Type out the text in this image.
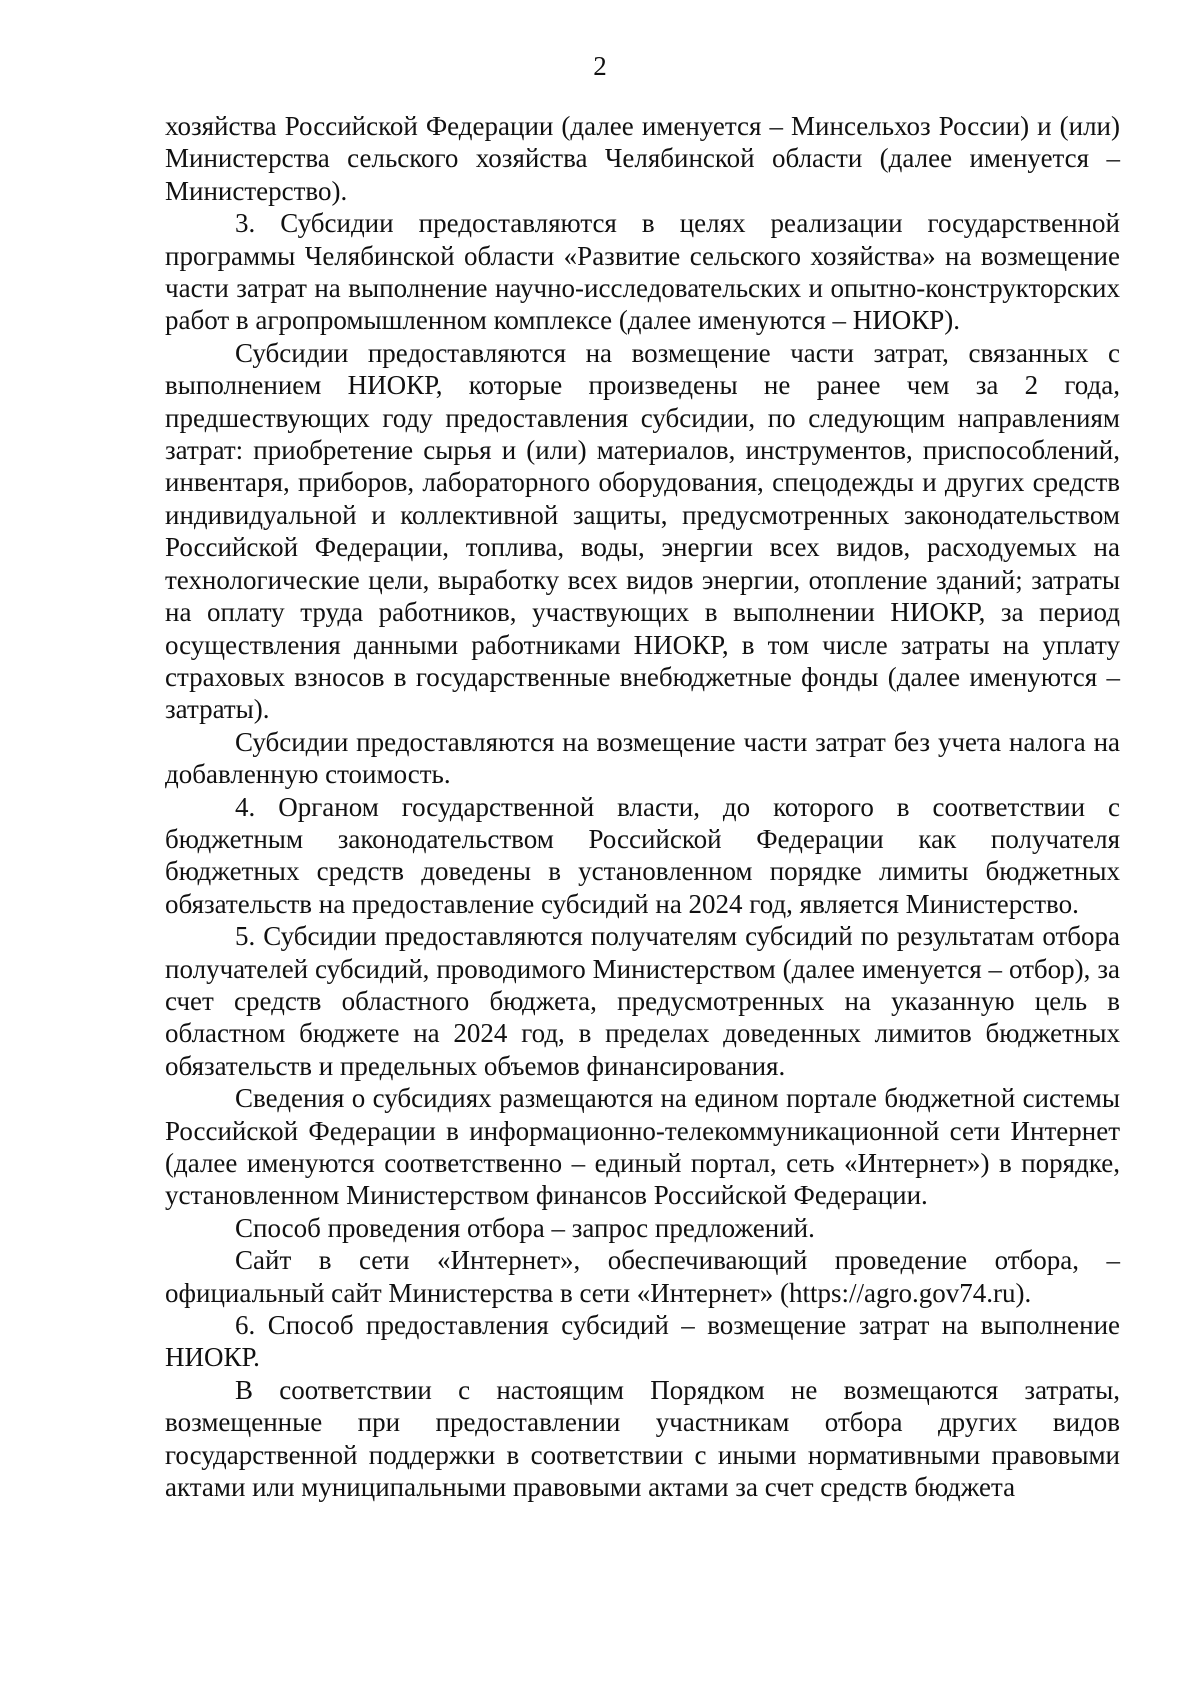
2

хозяйства Российской Федерации (далее именуется – Минсельхоз России) и (или) Министерства сельского хозяйства Челябинской области (далее именуется – Министерство).

3. Субсидии предоставляются в целях реализации государственной программы Челябинской области «Развитие сельского хозяйства» на возмещение части затрат на выполнение научно-исследовательских и опытно-конструкторских работ в агропромышленном комплексе (далее именуются – НИОКР).

Субсидии предоставляются на возмещение части затрат, связанных с выполнением НИОКР, которые произведены не ранее чем за 2 года, предшествующих году предоставления субсидии, по следующим направлениям затрат: приобретение сырья и (или) материалов, инструментов, приспособлений, инвентаря, приборов, лабораторного оборудования, спецодежды и других средств индивидуальной и коллективной защиты, предусмотренных законодательством Российской Федерации, топлива, воды, энергии всех видов, расходуемых на технологические цели, выработку всех видов энергии, отопление зданий; затраты на оплату труда работников, участвующих в выполнении НИОКР, за период осуществления данными работниками НИОКР, в том числе затраты на уплату страховых взносов в государственные внебюджетные фонды (далее именуются – затраты).

Субсидии предоставляются на возмещение части затрат без учета налога на добавленную стоимость.

4. Органом государственной власти, до которого в соответствии с бюджетным законодательством Российской Федерации как получателя бюджетных средств доведены в установленном порядке лимиты бюджетных обязательств на предоставление субсидий на 2024 год, является Министерство.

5. Субсидии предоставляются получателям субсидий по результатам отбора получателей субсидий, проводимого Министерством (далее именуется – отбор), за счет средств областного бюджета, предусмотренных на указанную цель в областном бюджете на 2024 год, в пределах доведенных лимитов бюджетных обязательств и предельных объемов финансирования.

Сведения о субсидиях размещаются на едином портале бюджетной системы Российской Федерации в информационно-телекоммуникационной сети Интернет (далее именуются соответственно – единый портал, сеть «Интернет») в порядке, установленном Министерством финансов Российской Федерации.

Способ проведения отбора – запрос предложений.

Сайт в сети «Интернет», обеспечивающий проведение отбора, – официальный сайт Министерства в сети «Интернет» (https://agro.gov74.ru).

6. Способ предоставления субсидий – возмещение затрат на выполнение НИОКР.

В соответствии с настоящим Порядком не возмещаются затраты, возмещенные при предоставлении участникам отбора других видов государственной поддержки в соответствии с иными нормативными правовыми актами или муниципальными правовыми актами за счет средств бюджета
